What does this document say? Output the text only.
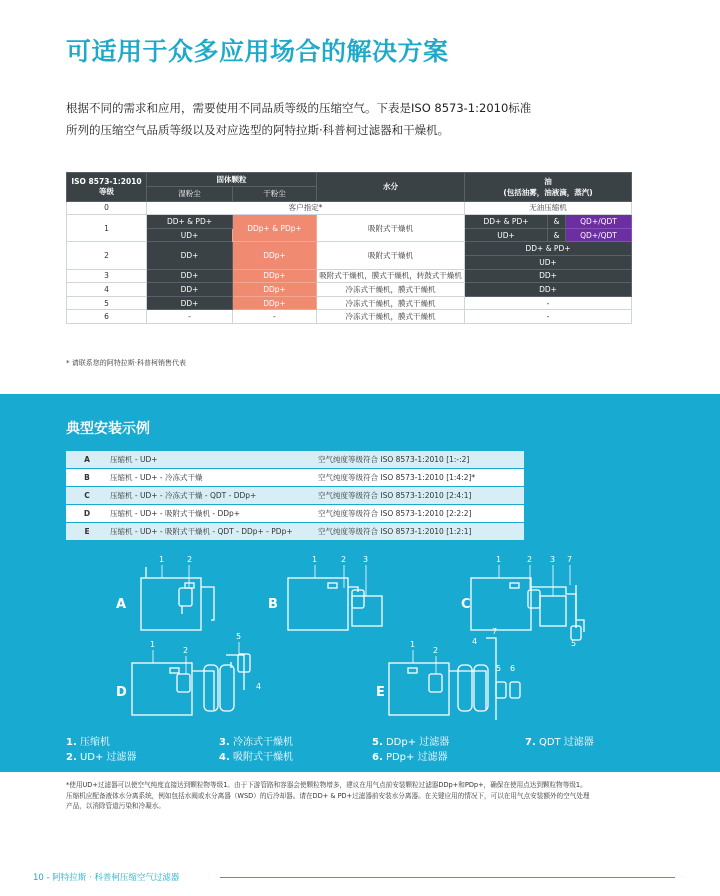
可适用于众多应用场合的解决方案
根据不同的需求和应用，需要使用不同品质等级的压缩空气。下表是ISO 8573-1:2010标准
所列的压缩空气品质等级以及对应选型的阿特拉斯·科普柯过滤器和干燥机。
ISO 8573-1:2010
等级	固体颗粒		水分	油
(包括油雾，油液滴，蒸汽)		
	湿粉尘	干粉尘				
0	客户指定*			无油压缩机		
1	DD+ & PD+	DDp+ & PDp+	吸附式干燥机	DD+ & PD+	&	QD+/QDT
	UD+			UD+	&	QD+/QDT
2	DD+	DDp+	吸附式干燥机	DD+ & PD+		
				UD+		
3	DD+	DDp+	吸附式干燥机，膜式干燥机，转鼓式干燥机	DD+		
4	DD+	DDp+	冷冻式干燥机，膜式干燥机	DD+		
5	DD+	DDp+	冷冻式干燥机，膜式干燥机	-		
6	-	-	冷冻式干燥机，膜式干燥机	-		
* 请联系您的阿特拉斯·科普柯销售代表
典型安装示例
A	压缩机 - UD+	空气纯度等级符合 ISO 8573-1:2010 [1:-:2]
B	压缩机 - UD+ - 冷冻式干燥	空气纯度等级符合 ISO 8573-1:2010 [1:4:2]*
C	压缩机 - UD+ - 冷冻式干燥 - QDT - DDp+	空气纯度等级符合 ISO 8573-1:2010 [2:4:1]
D	压缩机 - UD+ - 吸附式干燥机 - DDp+	空气纯度等级符合 ISO 8573-1:2010 [2:2:2]
E	压缩机 - UD+ - 吸附式干燥机 - QDT - DDp+ - PDp+	空气纯度等级符合 ISO 8573-1:2010 [1:2:1]
A
1	2
B
1	2 3
C
1	2 3 7
5
D
1
2
4
5
E
1
2
4
7
5 6
1. 压缩机
2. UD+ 过滤器
3. 冷冻式干燥机
4. 吸附式干燥机
5. DDp+ 过滤器
6. PDp+ 过滤器
7. QDT 过滤器
*使用UD+过滤器可以使空气纯度直接达到颗粒物等级1。由于下游管路和容器会使颗粒物增多，建议在用气点前安装颗粒过滤器DDp+和PDp+，确保在使用点达到颗粒物等级1。
压缩机应配备液体水分离系统，例如包括水阀或水分离器（WSD）的后冷却器。请在DD+ & PD+过滤器前安装水分离器。在关键应用的情况下，可以在用气点安装额外的空气处理
产品，以消除管道污染和冷凝水。
10 - 阿特拉斯 · 科普柯压缩空气过滤器
